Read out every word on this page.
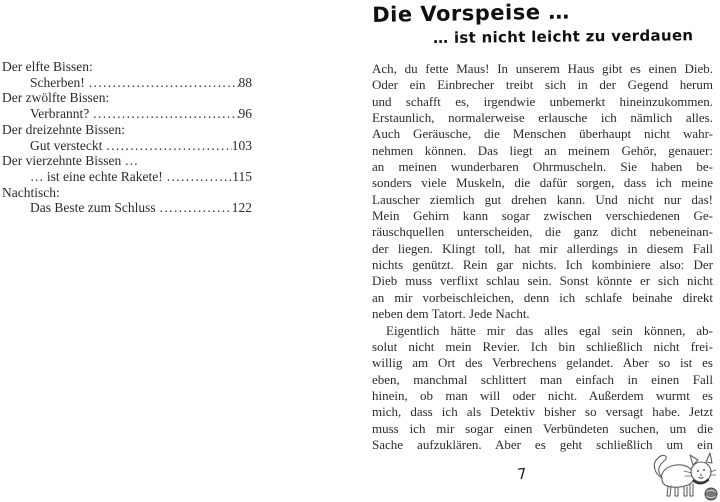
Der elfte Bissen:
Scherben! .....	88
Der zwölfte Bissen:
Verbrannt? .....	96
Der dreizehnte Bissen:
Gut versteckt .....	103
Der vierzehnte Bissen …
… ist eine echte Rakete! .....	115
Nachtisch:
Das Beste zum Schluss .....	122
Die Vorspeise …
… ist nicht leicht zu verdauen
Ach, du fette Maus! In unserem Haus gibt es einen Dieb.
Oder ein Einbrecher treibt sich in der Gegend herum
und schafft es, irgendwie unbemerkt hineinzukommen.
Erstaunlich, normalerweise erlausche ich nämlich alles.
Auch Geräusche, die Menschen überhaupt nicht wahr-
nehmen können. Das liegt an meinem Gehör, genauer:
an meinen wunderbaren Ohrmuscheln. Sie haben be-
sonders viele Muskeln, die dafür sorgen, dass ich meine
Lauscher ziemlich gut drehen kann. Und nicht nur das!
Mein Gehirn kann sogar zwischen verschiedenen Ge-
räuschquellen unterscheiden, die ganz dicht nebeneinan-
der liegen. Klingt toll, hat mir allerdings in diesem Fall
nichts genützt. Rein gar nichts. Ich kombiniere also: Der
Dieb muss verflixt schlau sein. Sonst könnte er sich nicht
an mir vorbeischleichen, denn ich schlafe beinahe direkt
neben dem Tatort. Jede Nacht.
Eigentlich hätte mir das alles egal sein können, ab-
solut nicht mein Revier. Ich bin schließlich nicht frei-
willig am Ort des Verbrechens gelandet. Aber so ist es
eben, manchmal schlittert man einfach in einen Fall
hinein, ob man will oder nicht. Außerdem wurmt es
mich, dass ich als Detektiv bisher so versagt habe. Jetzt
muss ich mir sogar einen Verbündeten suchen, um die
Sache aufzuklären. Aber es geht schließlich um ein
7
